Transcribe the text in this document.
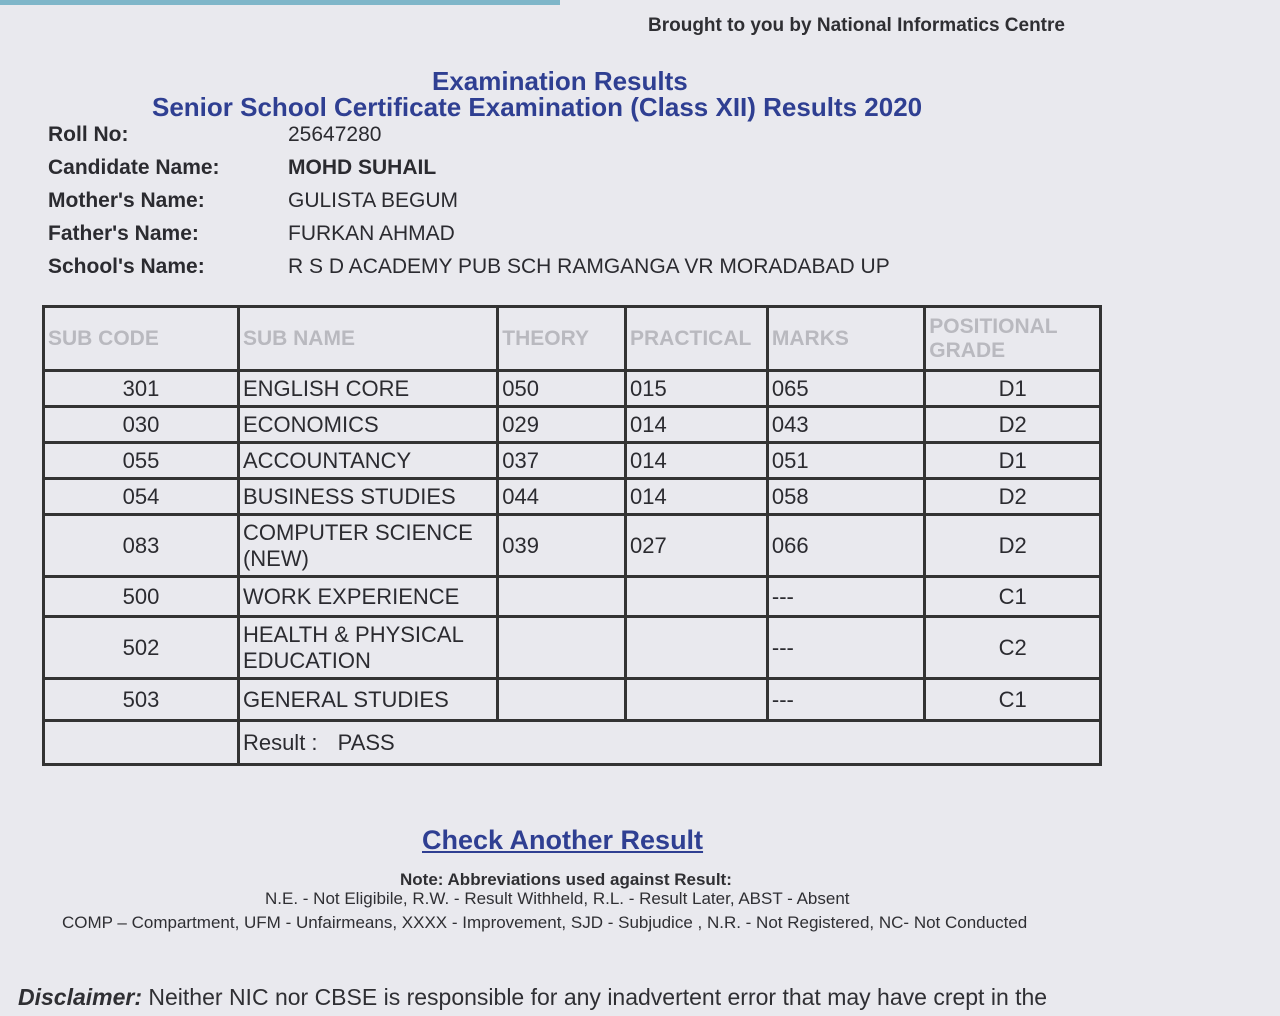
Brought to you by National Informatics Centre
Examination Results
Senior School Certificate Examination (Class XII) Results 2020
Roll No:	25647280
Candidate Name:	MOHD SUHAIL
Mother's Name:	GULISTA BEGUM
Father's Name:	FURKAN AHMAD
School's Name:	R S D ACADEMY PUB SCH RAMGANGA VR MORADABAD UP
SUB CODE	SUB NAME	THEORY	PRACTICAL	MARKS	POSITIONAL GRADE
301	ENGLISH CORE	050	015	065	D1
030	ECONOMICS	029	014	043	D2
055	ACCOUNTANCY	037	014	051	D1
054	BUSINESS STUDIES	044	014	058	D2
083	COMPUTER SCIENCE (NEW)	039	027	066	D2
500	WORK EXPERIENCE			---	C1
502	HEALTH & PHYSICAL EDUCATION			---	C2
503	GENERAL STUDIES			---	C1
	Result : PASS				
Check Another Result
Note: Abbreviations used against Result:
N.E. - Not Eligibile, R.W. - Result Withheld, R.L. - Result Later, ABST - Absent
COMP – Compartment, UFM - Unfairmeans, XXXX - Improvement, SJD - Subjudice , N.R. - Not Registered, NC- Not Conducted
Disclaimer: Neither NIC nor CBSE is responsible for any inadvertent error that may have crept in the
